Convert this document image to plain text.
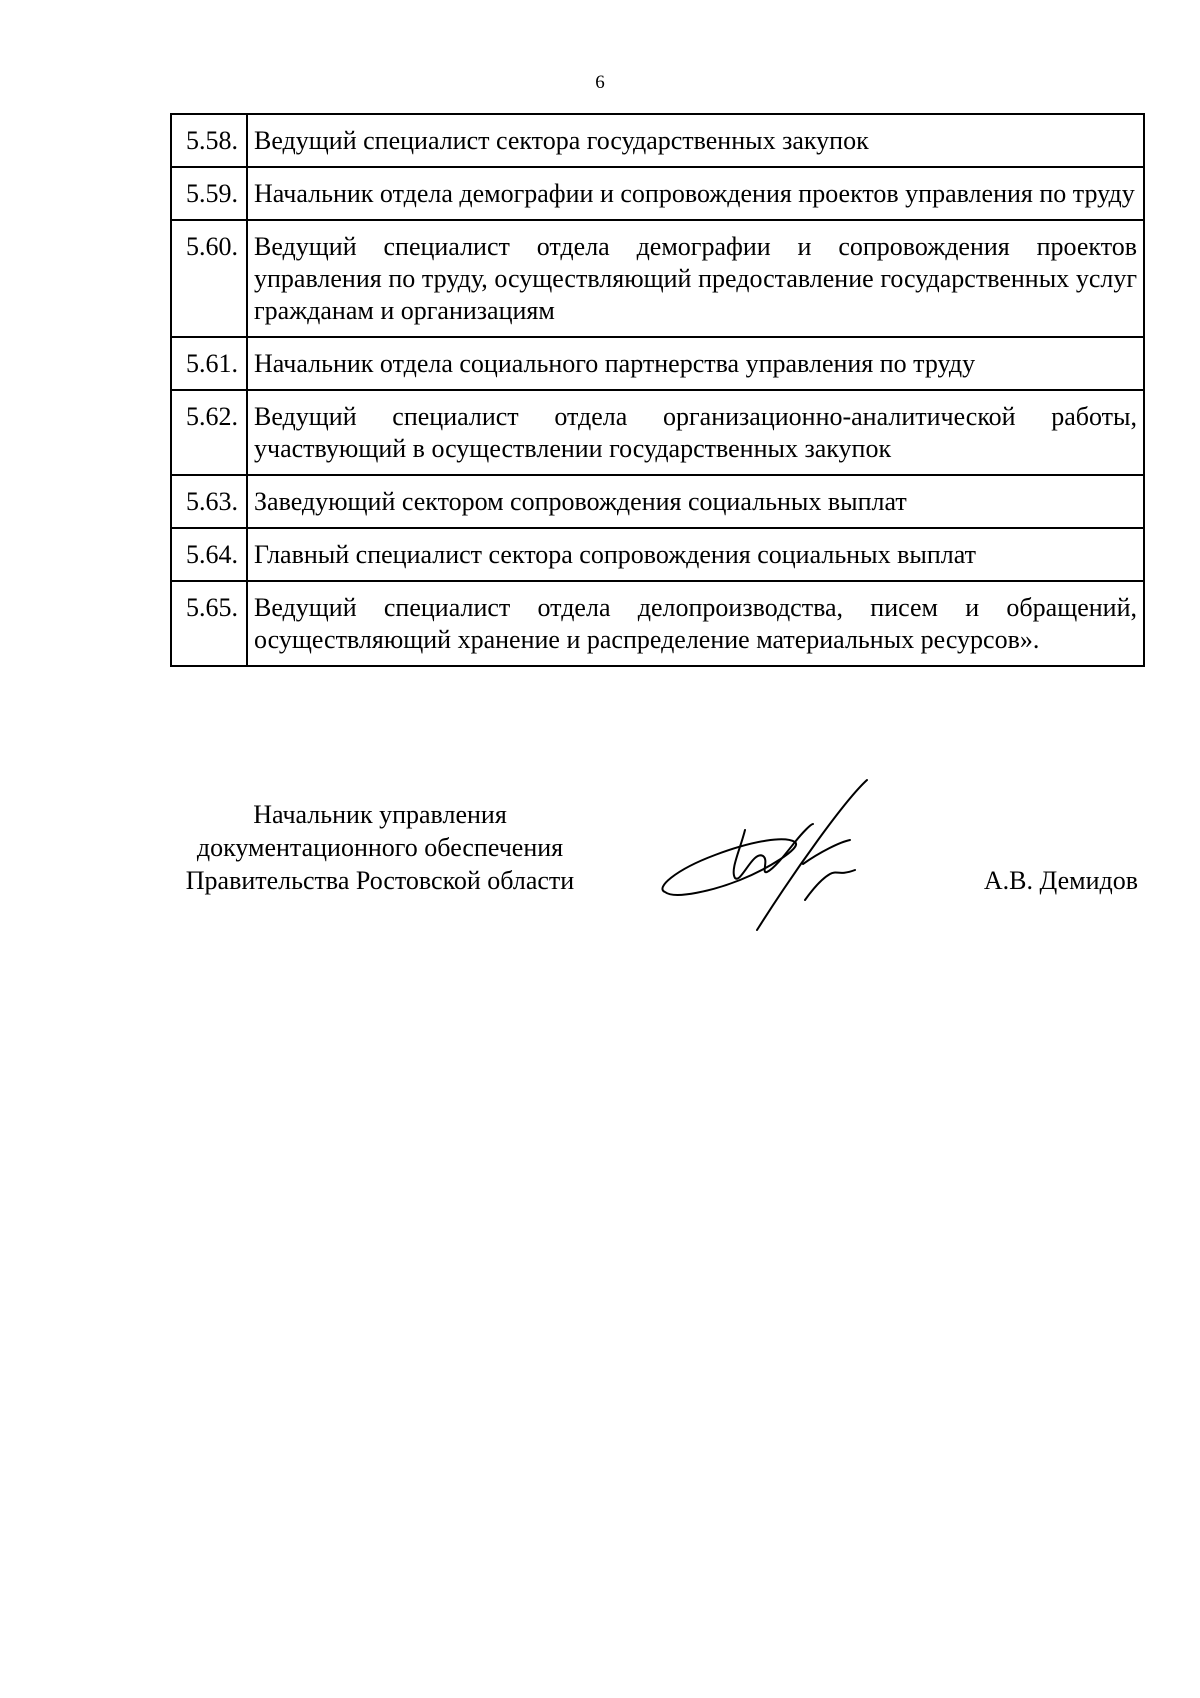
6
5.58.	Ведущий специалист сектора государственных закупок
5.59.	Начальник отдела демографии и сопровождения проектов управления по труду
5.60.	Ведущий специалист отдела демографии и сопровождения проектов управления по труду, осуществляющий предоставление государственных услуг гражданам и организациям
5.61.	Начальник отдела социального партнерства управления по труду
5.62.	Ведущий специалист отдела организационно-аналитической работы, участвующий в осуществлении государственных закупок
5.63.	Заведующий сектором сопровождения социальных выплат
5.64.	Главный специалист сектора сопровождения социальных выплат
5.65.	Ведущий специалист отдела делопроизводства, писем и обращений, осуществляющий хранение и распределение материальных ресурсов».
Начальник управления
документационного обеспечения
Правительства Ростовской области	А.В. Демидов
